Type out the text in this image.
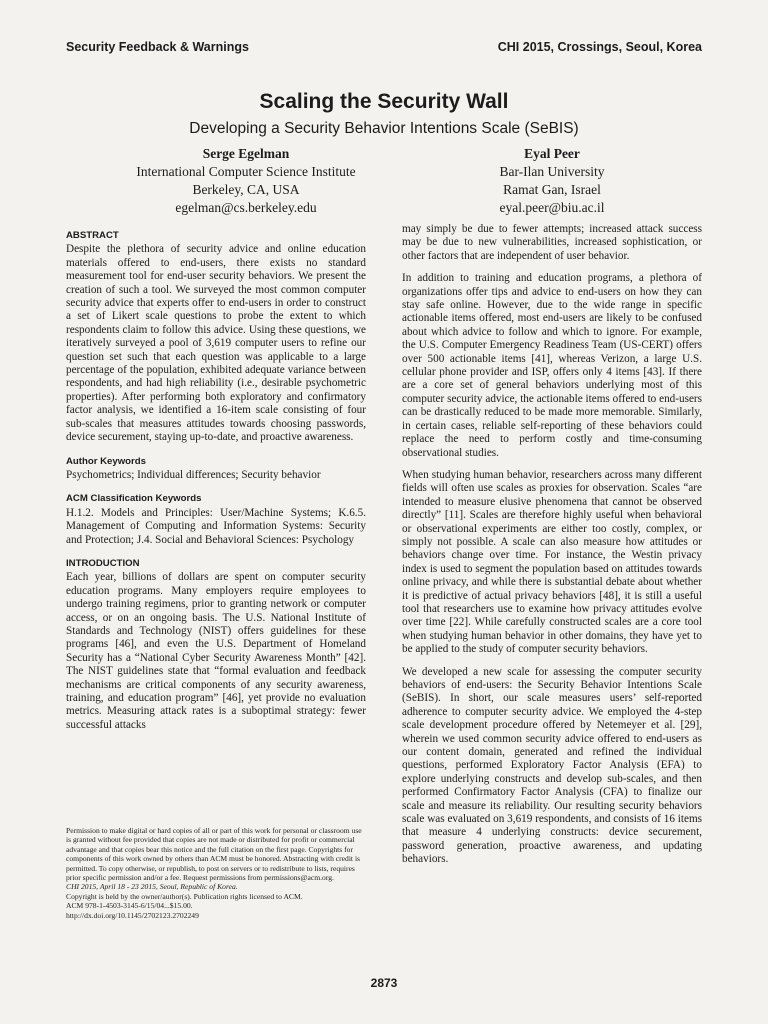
Security Feedback & Warnings	CHI 2015, Crossings, Seoul, Korea
Scaling the Security Wall
Developing a Security Behavior Intentions Scale (SeBIS)
Serge Egelman
International Computer Science Institute
Berkeley, CA, USA
egelman@cs.berkeley.edu
Eyal Peer
Bar-Ilan University
Ramat Gan, Israel
eyal.peer@biu.ac.il
ABSTRACT

Despite the plethora of security advice and online education materials offered to end-users, there exists no standard measurement tool for end-user security behaviors. We present the creation of such a tool. We surveyed the most common computer security advice that experts offer to end-users in order to construct a set of Likert scale questions to probe the extent to which respondents claim to follow this advice. Using these questions, we iteratively surveyed a pool of 3,619 computer users to refine our question set such that each question was applicable to a large percentage of the population, exhibited adequate variance between respondents, and had high reliability (i.e., desirable psychometric properties). After performing both exploratory and confirmatory factor analysis, we identified a 16-item scale consisting of four sub-scales that measures attitudes towards choosing passwords, device securement, staying up-to-date, and proactive awareness.

Author Keywords

Psychometrics; Individual differences; Security behavior

ACM Classification Keywords

H.1.2. Models and Principles: User/Machine Systems; K.6.5. Management of Computing and Information Systems: Security and Protection; J.4. Social and Behavioral Sciences: Psychology

INTRODUCTION

Each year, billions of dollars are spent on computer security education programs. Many employers require employees to undergo training regimens, prior to granting network or computer access, or on an ongoing basis. The U.S. National Institute of Standards and Technology (NIST) offers guidelines for these programs [46], and even the U.S. Department of Homeland Security has a “National Cyber Security Awareness Month” [42]. The NIST guidelines state that “formal evaluation and feedback mechanisms are critical components of any security awareness, training, and education program” [46], yet provide no evaluation metrics. Measuring attack rates is a suboptimal strategy: fewer successful attacks

Permission to make digital or hard copies of all or part of this work for personal or classroom use is granted without fee provided that copies are not made or distributed for profit or commercial advantage and that copies bear this notice and the full citation on the first page. Copyrights for components of this work owned by others than ACM must be honored. Abstracting with credit is permitted. To copy otherwise, or republish, to post on servers or to redistribute to lists, requires prior specific permission and/or a fee. Request permissions from permissions@acm.org.
CHI 2015, April 18 - 23 2015, Seoul, Republic of Korea.
Copyright is held by the owner/author(s). Publication rights licensed to ACM.
ACM 978-1-4503-3145-6/15/04...$15.00.
http://dx.doi.org/10.1145/2702123.2702249

may simply be due to fewer attempts; increased attack success may be due to new vulnerabilities, increased sophistication, or other factors that are independent of user behavior.

In addition to training and education programs, a plethora of organizations offer tips and advice to end-users on how they can stay safe online. However, due to the wide range in specific actionable items offered, most end-users are likely to be confused about which advice to follow and which to ignore. For example, the U.S. Computer Emergency Readiness Team (US-CERT) offers over 500 actionable items [41], whereas Verizon, a large U.S. cellular phone provider and ISP, offers only 4 items [43]. If there are a core set of general behaviors underlying most of this computer security advice, the actionable items offered to end-users can be drastically reduced to be made more memorable. Similarly, in certain cases, reliable self-reporting of these behaviors could replace the need to perform costly and time-consuming observational studies.

When studying human behavior, researchers across many different fields will often use scales as proxies for observation. Scales “are intended to measure elusive phenomena that cannot be observed directly” [11]. Scales are therefore highly useful when behavioral or observational experiments are either too costly, complex, or simply not possible. A scale can also measure how attitudes or behaviors change over time. For instance, the Westin privacy index is used to segment the population based on attitudes towards online privacy, and while there is substantial debate about whether it is predictive of actual privacy behaviors [48], it is still a useful tool that researchers use to examine how privacy attitudes evolve over time [22]. While carefully constructed scales are a core tool when studying human behavior in other domains, they have yet to be applied to the study of computer security behaviors.

We developed a new scale for assessing the computer security behaviors of end-users: the Security Behavior Intentions Scale (SeBIS). In short, our scale measures users’ self-reported adherence to computer security advice. We employed the 4-step scale development procedure offered by Netemeyer et al. [29], wherein we used common security advice offered to end-users as our content domain, generated and refined the individual questions, performed Exploratory Factor Analysis (EFA) to explore underlying constructs and develop sub-scales, and then performed Confirmatory Factor Analysis (CFA) to finalize our scale and measure its reliability. Our resulting security behaviors scale was evaluated on 3,619 respondents, and consists of 16 items that measure 4 underlying constructs: device securement, password generation, proactive awareness, and updating behaviors.

2873
